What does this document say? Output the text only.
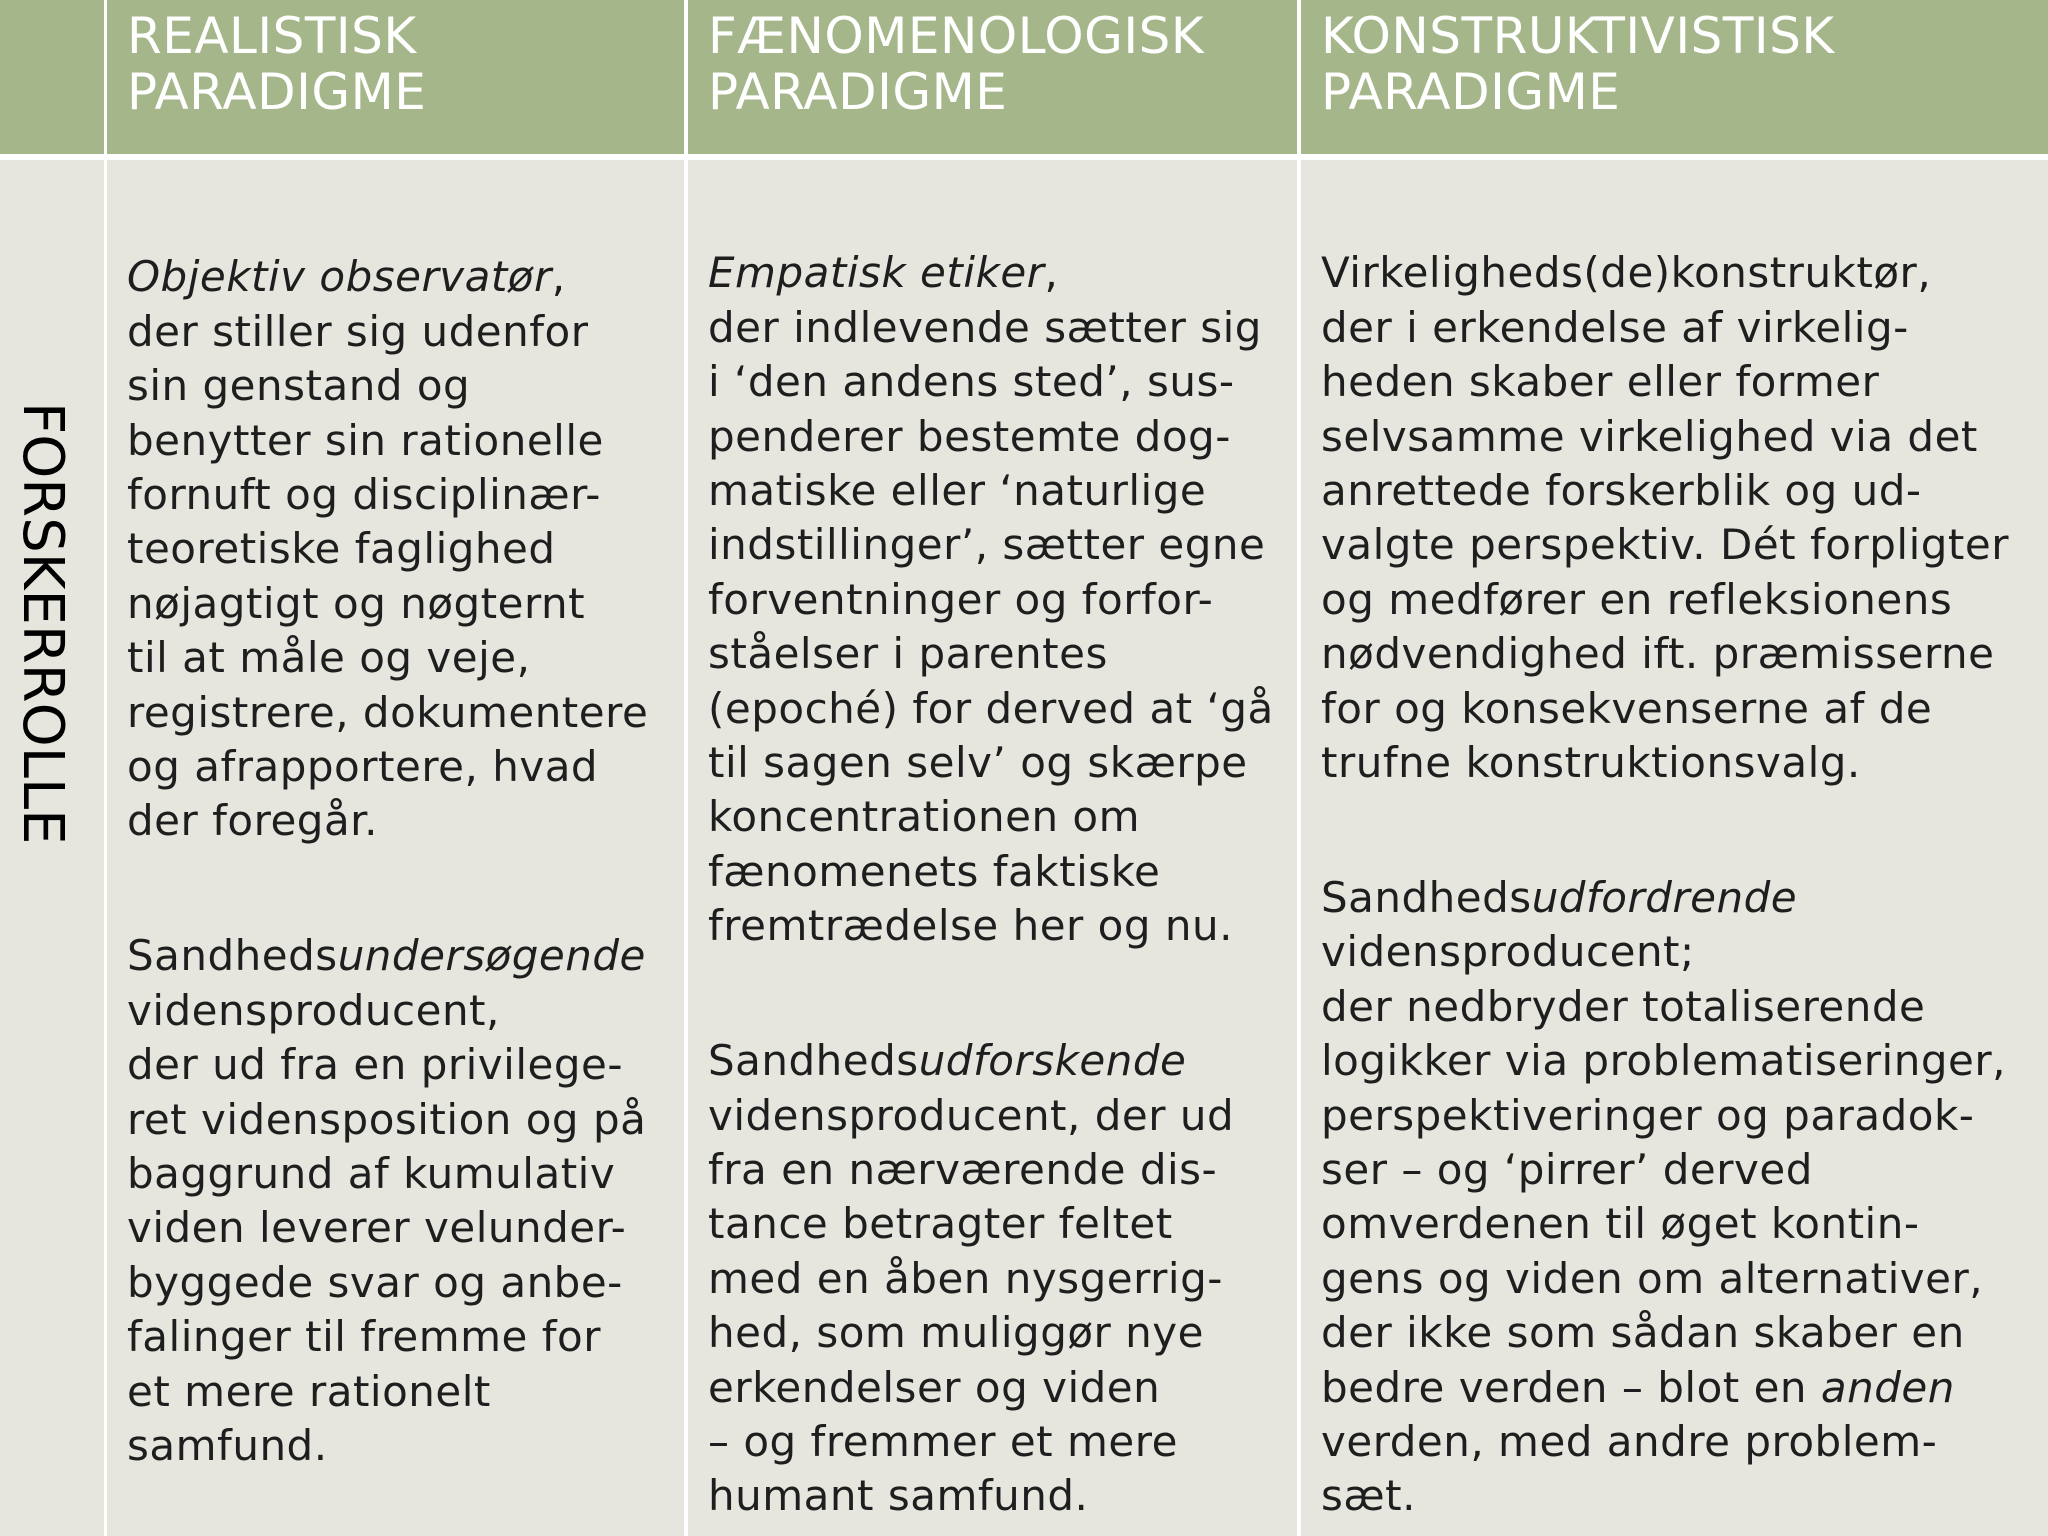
REALISTISK
PARADIGME

FÆNOMENOLOGISK
PARADIGME

KONSTRUKTIVISTISK
PARADIGME

FORSKERROLLE

Objektiv observatør,
der stiller sig udenfor
sin genstand og
benytter sin rationelle
fornuft og disciplinær-
teoretiske faglighed
nøjagtigt og nøgternt
til at måle og veje,
registrere, dokumentere
og afrapportere, hvad
der foregår.

Sandhedsundersøgende
vidensproducent,
der ud fra en privilege-
ret vidensposition og på
baggrund af kumulativ
viden leverer velunder-
byggede svar og anbe-
falinger til fremme for
et mere rationelt
samfund.

Empatisk etiker,
der indlevende sætter sig
i ‘den andens sted’, sus-
penderer bestemte dog-
matiske eller ‘naturlige
indstillinger’, sætter egne
forventninger og forfor-
ståelser i parentes
(epoché) for derved at ‘gå
til sagen selv’ og skærpe
koncentrationen om
fænomenets faktiske
fremtrædelse her og nu.

Sandhedsudforskende
vidensproducent, der ud
fra en nærværende dis-
tance betragter feltet
med en åben nysgerrig-
hed, som muliggør nye
erkendelser og viden
– og fremmer et mere
humant samfund.

Virkeligheds(de)konstruktør,
der i erkendelse af virkelig-
heden skaber eller former
selvsamme virkelighed via det
anrettede forskerblik og ud-
valgte perspektiv. Dét forpligter
og medfører en refleksionens
nødvendighed ift. præmisserne
for og konsekvenserne af de
trufne konstruktionsvalg.

Sandhedsudfordrende
vidensproducent;
der nedbryder totaliserende
logikker via problematiseringer,
perspektiveringer og paradok-
ser – og ‘pirrer’ derved
omverdenen til øget kontin-
gens og viden om alternativer,
der ikke som sådan skaber en
bedre verden – blot en anden
verden, med andre problem-
sæt.
